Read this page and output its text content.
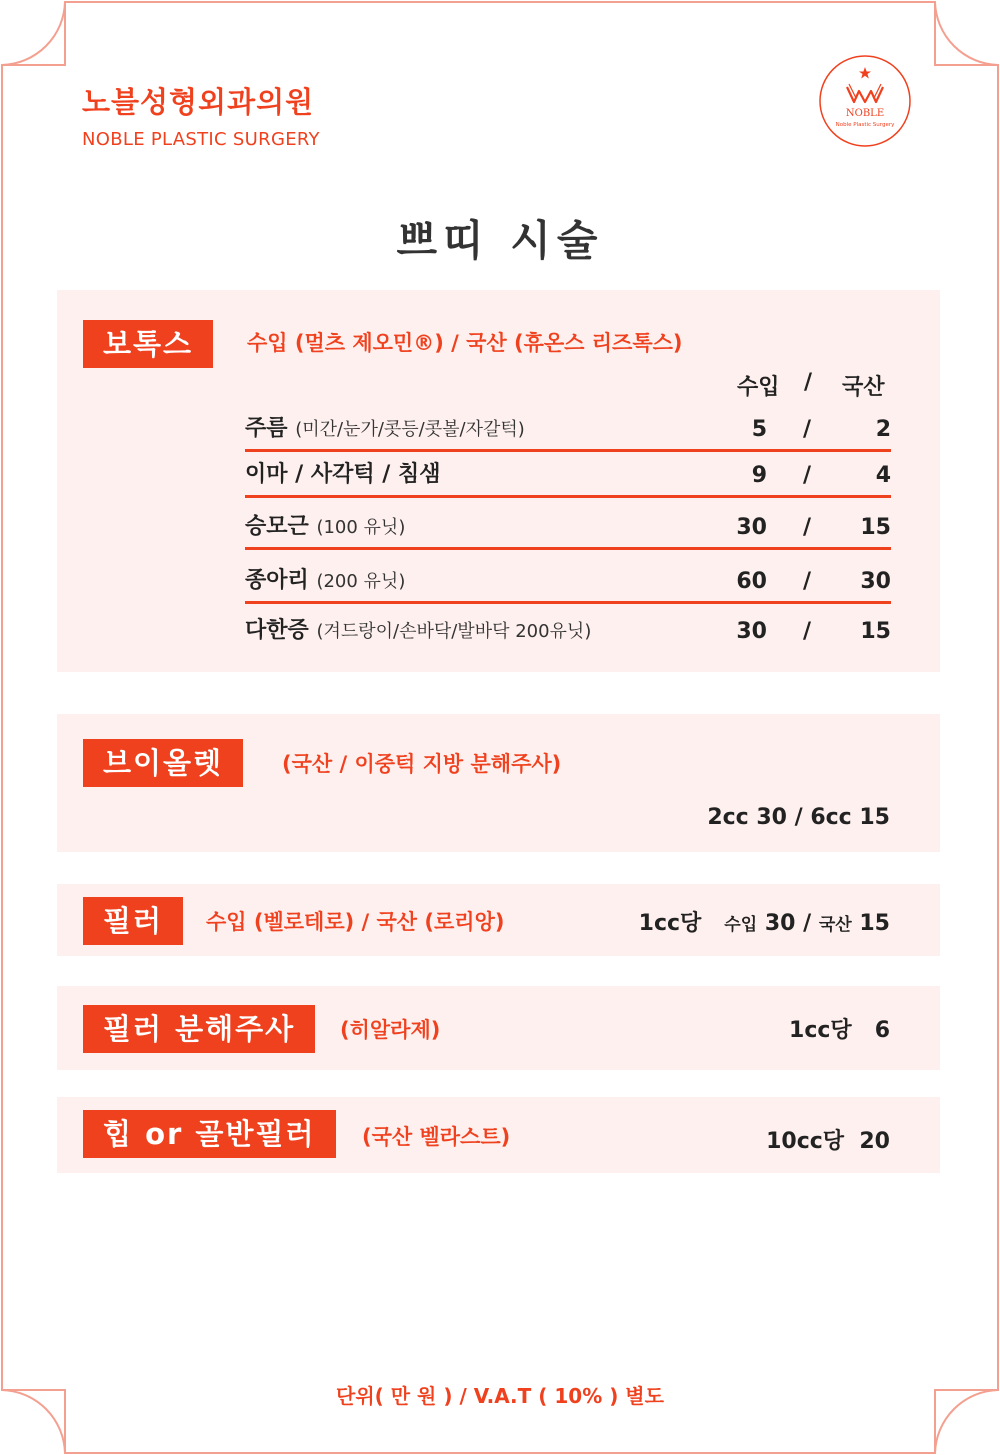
노블성형외과의원
NOBLE PLASTIC SURGERY
NOBLE
Noble Plastic Surgery
쁘띠 시술
보톡스	수입 (멀츠 제오민®) / 국산 (휴온스 리즈톡스)
수입 / 국산
주름 (미간/눈가/콧등/콧볼/자갈턱)	5 /	2
이마 / 사각턱 / 침샘	9 /	4
승모근 (100 유닛)	30 /	15
종아리 (200 유닛)	60 /	30
다한증 (겨드랑이/손바닥/발바닥 200유닛)	30 /	15
브이올렛	(국산 / 이중턱 지방 분해주사)
2cc 30 / 6cc 15
필러	수입 (벨로테로) / 국산 (로리앙)	1cc당 수입 30 / 국산 15
필러 분해주사	(히알라제)	1cc당 6
힙 or 골반필러	(국산 벨라스트)	10cc당 20
단위( 만 원 ) / V.A.T ( 10% ) 별도
